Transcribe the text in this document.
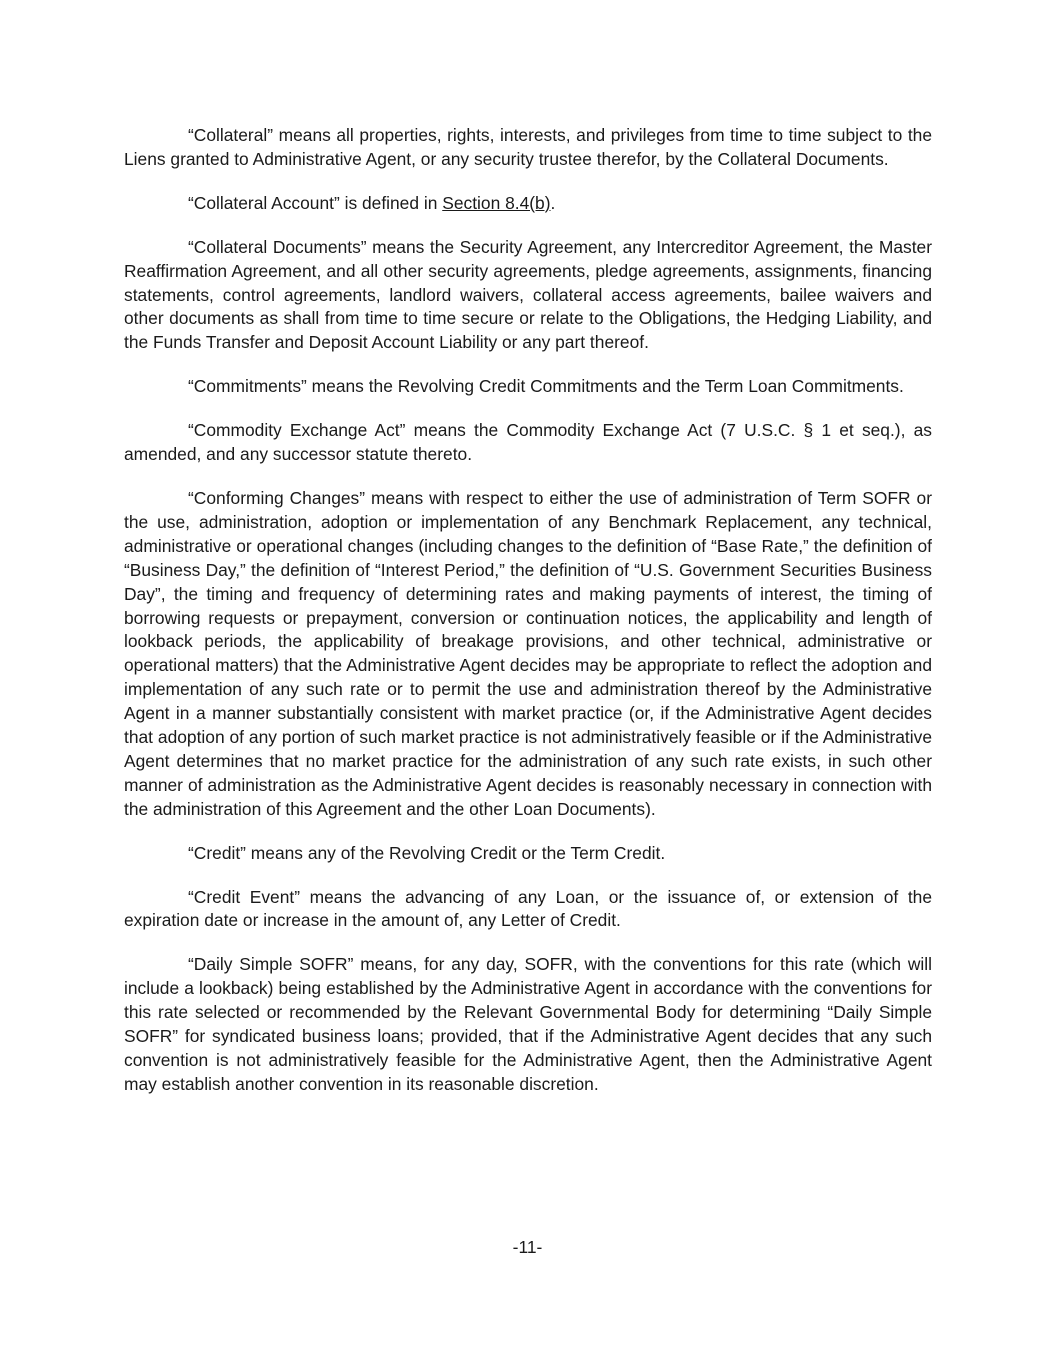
“Collateral” means all properties, rights, interests, and privileges from time to time subject to the Liens granted to Administrative Agent, or any security trustee therefor, by the Collateral Documents.

“Collateral Account” is defined in Section 8.4(b).

“Collateral Documents” means the Security Agreement, any Intercreditor Agreement, the Master Reaffirmation Agreement, and all other security agreements, pledge agreements, assignments, financing statements, control agreements, landlord waivers, collateral access agreements, bailee waivers and other documents as shall from time to time secure or relate to the Obligations, the Hedging Liability, and the Funds Transfer and Deposit Account Liability or any part thereof.

“Commitments” means the Revolving Credit Commitments and the Term Loan Commitments.

“Commodity Exchange Act” means the Commodity Exchange Act (7 U.S.C. § 1 et seq.), as amended, and any successor statute thereto.

“Conforming Changes” means with respect to either the use of administration of Term SOFR or the use, administration, adoption or implementation of any Benchmark Replacement, any technical, administrative or operational changes (including changes to the definition of “Base Rate,” the definition of “Business Day,” the definition of “Interest Period,” the definition of “U.S. Government Securities Business Day”, the timing and frequency of determining rates and making payments of interest, the timing of borrowing requests or prepayment, conversion or continuation notices, the applicability and length of lookback periods, the applicability of breakage provisions, and other technical, administrative or operational matters) that the Administrative Agent decides may be appropriate to reflect the adoption and implementation of any such rate or to permit the use and administration thereof by the Administrative Agent in a manner substantially consistent with market practice (or, if the Administrative Agent decides that adoption of any portion of such market practice is not administratively feasible or if the Administrative Agent determines that no market practice for the administration of any such rate exists, in such other manner of administration as the Administrative Agent decides is reasonably necessary in connection with the administration of this Agreement and the other Loan Documents).

“Credit” means any of the Revolving Credit or the Term Credit.

“Credit Event” means the advancing of any Loan, or the issuance of, or extension of the expiration date or increase in the amount of, any Letter of Credit.

“Daily Simple SOFR” means, for any day, SOFR, with the conventions for this rate (which will include a lookback) being established by the Administrative Agent in accordance with the conventions for this rate selected or recommended by the Relevant Governmental Body for determining “Daily Simple SOFR” for syndicated business loans; provided, that if the Administrative Agent decides that any such convention is not administratively feasible for the Administrative Agent, then the Administrative Agent may establish another convention in its reasonable discretion.

-11-
